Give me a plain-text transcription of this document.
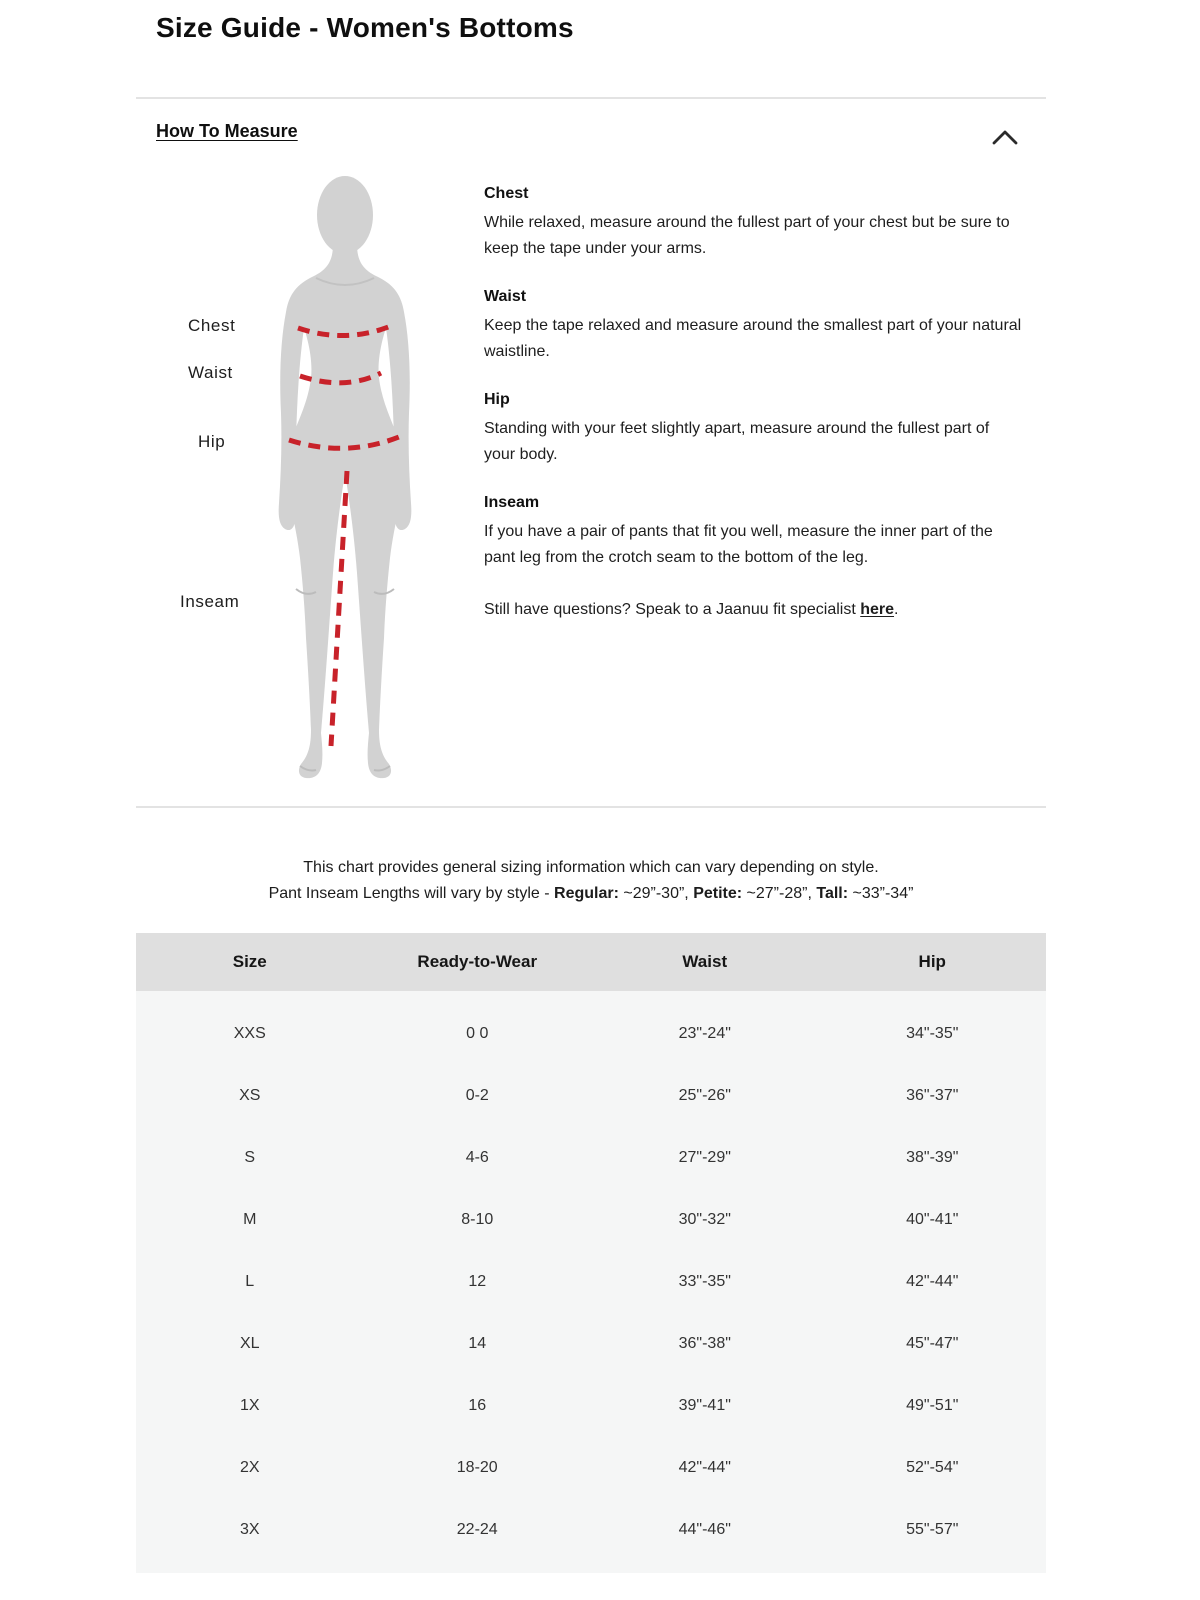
Size Guide - Women's Bottoms
How To Measure
Chest
Waist
Hip
Inseam
Chest

While relaxed, measure around the fullest part of your chest but be sure to keep the tape under your arms.

Waist

Keep the tape relaxed and measure around the smallest part of your natural waistline.

Hip

Standing with your feet slightly apart, measure around the fullest part of your body.

Inseam

If you have a pair of pants that fit you well, measure the inner part of the pant leg from the crotch seam to the bottom of the leg.

Still have questions? Speak to a Jaanuu fit specialist here.
This chart provides general sizing information which can vary depending on style.
Pant Inseam Lengths will vary by style - Regular: ~29”-30”, Petite: ~27”-28”, Tall: ~33”-34”
Size	Ready-to-Wear	Waist	Hip
XXS	0 0	23"-24"	34"-35"
XS	0-2	25"-26"	36"-37"
S	4-6	27"-29"	38"-39"
M	8-10	30"-32"	40"-41"
L	12	33"-35"	42"-44"
XL	14	36"-38"	45"-47"
1X	16	39"-41"	49"-51"
2X	18-20	42"-44"	52"-54"
3X	22-24	44"-46"	55"-57"
